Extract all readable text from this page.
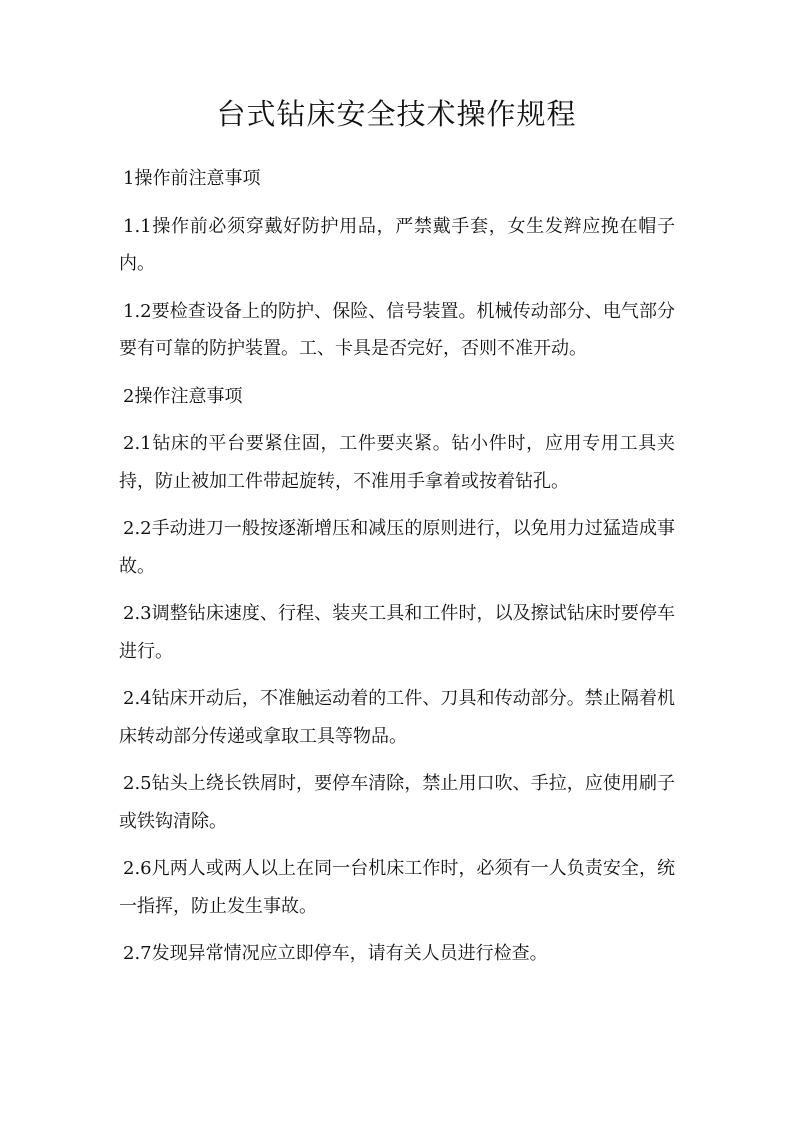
台式钻床安全技术操作规程

1操作前注意事项

1.1操作前必须穿戴好防护用品，严禁戴手套，女生发辫应挽在帽子内。

1.2要检查设备上的防护、保险、信号装置。机械传动部分、电气部分要有可靠的防护装置。工、卡具是否完好，否则不准开动。

2操作注意事项

2.1钻床的平台要紧住固，工件要夹紧。钻小件时，应用专用工具夹持，防止被加工件带起旋转，不准用手拿着或按着钻孔。

2.2手动进刀一般按逐渐增压和减压的原则进行，以免用力过猛造成事故。

2.3调整钻床速度、行程、装夹工具和工件时，以及擦试钻床时要停车进行。

2.4钻床开动后，不准触运动着的工件、刀具和传动部分。禁止隔着机床转动部分传递或拿取工具等物品。

2.5钻头上绕长铁屑时，要停车清除，禁止用口吹、手拉，应使用刷子或铁钩清除。

2.6凡两人或两人以上在同一台机床工作时，必须有一人负责安全，统一指挥，防止发生事故。

2.7发现异常情况应立即停车，请有关人员进行检查。
